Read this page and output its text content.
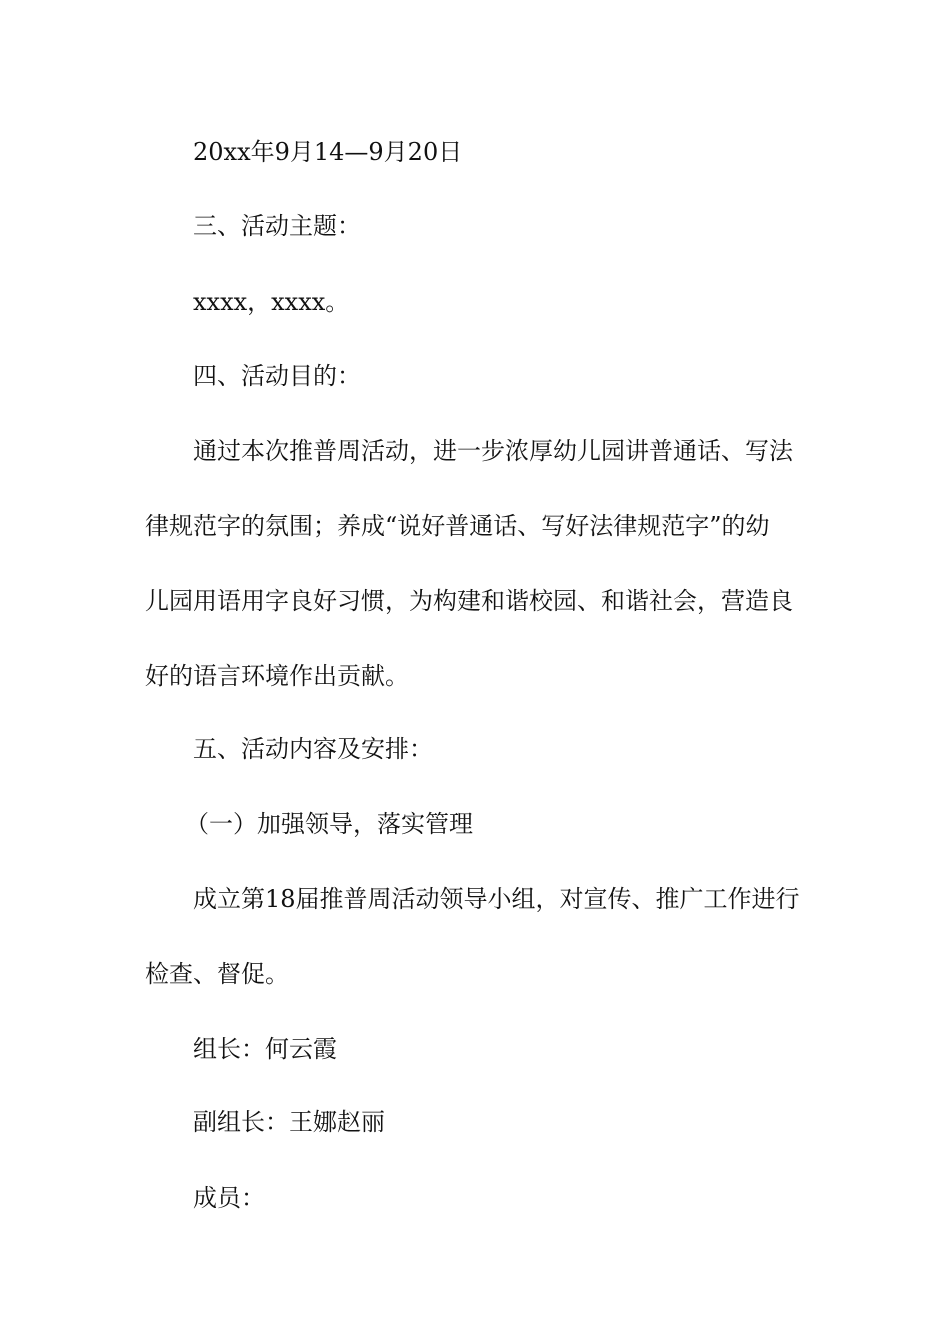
20xx年9月14—9月20日
三、活动主题：
xxxx，xxxx。
四、活动目的：
通过本次推普周活动，进一步浓厚幼儿园讲普通话、写法
律规范字的氛围；养成“说好普通话、写好法律规范字”的幼
儿园用语用字良好习惯，为构建和谐校园、和谐社会，营造良
好的语言环境作出贡献。
五、活动内容及安排：
（一）加强领导，落实管理
成立第18届推普周活动领导小组，对宣传、推广工作进行
检查、督促。
组长：何云霞
副组长：王娜赵丽
成员：
